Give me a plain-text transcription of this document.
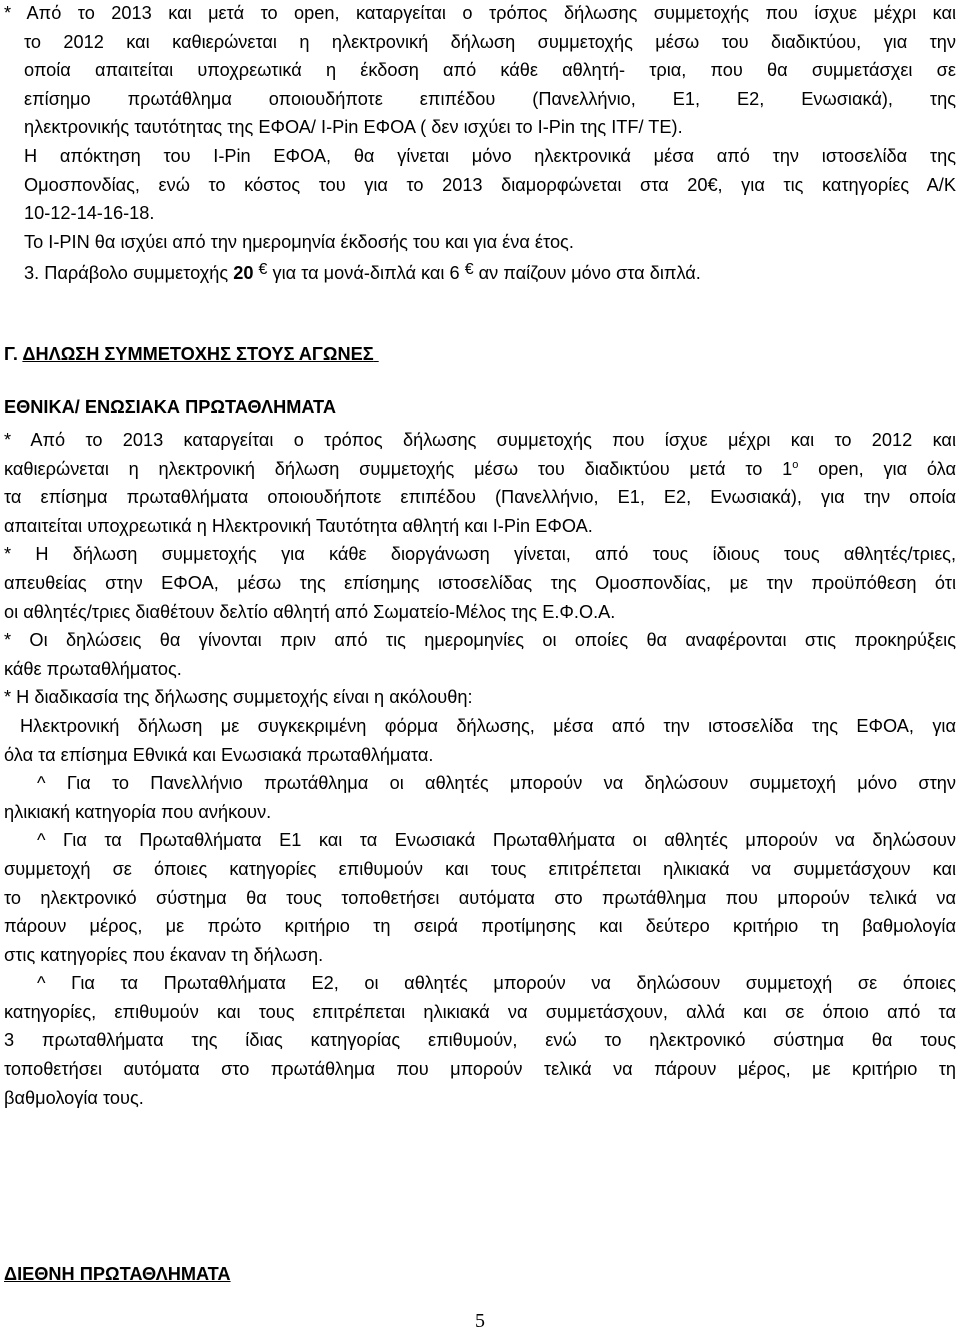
* Από το 2013 και μετά το open, καταργείται ο τρόπος δήλωσης συμμετοχής που ίσχυε μέχρι και
το 2012 και καθιερώνεται η ηλεκτρονική δήλωση συμμετοχής μέσω του διαδικτύου, για την
οποία απαιτείται υποχρεωτικά η έκδοση από κάθε αθλητή- τρια, που θα συμμετάσχει σε
επίσημο πρωτάθλημα οποιουδήποτε επιπέδου (Πανελλήνιο, Ε1, Ε2, Ενωσιακά), της
ηλεκτρονικής ταυτότητας της ΕΦΟΑ/ I-Pin ΕΦΟΑ ( δεν ισχύει το I-Pin της ITF/ TE).
Η απόκτηση του I-Pin ΕΦΟΑ, θα γίνεται μόνο ηλεκτρονικά μέσα από την ιστοσελίδα της
Ομοσπονδίας, ενώ το κόστος του για το 2013 διαμορφώνεται στα 20€, για τις κατηγορίες Α/Κ
10-12-14-16-18.
Το I-PIN θα ισχύει από την ημερομηνία έκδοσής του και για ένα έτος.
3. Παράβολο συμμετοχής 20 € για τα μονά-διπλά και 6 € αν παίζουν μόνο στα διπλά.
Γ. ΔΗΛΩΣΗ ΣΥΜΜΕΤΟΧΗΣ ΣΤΟΥΣ ΑΓΩΝΕΣ
ΕΘΝΙΚΑ/ ΕΝΩΣΙΑΚΑ ΠΡΩΤΑΘΛΗΜΑΤΑ
* Από το 2013 καταργείται ο τρόπος δήλωσης συμμετοχής που ίσχυε μέχρι και το 2012 και
καθιερώνεται η ηλεκτρονική δήλωση συμμετοχής μέσω του διαδικτύου μετά το $1^o$ open, για όλα
τα επίσημα πρωταθλήματα οποιουδήποτε επιπέδου (Πανελλήνιο, Ε1, Ε2, Ενωσιακά), για την οποία
απαιτείται υποχρεωτικά η Ηλεκτρονική Ταυτότητα αθλητή και I-Pin ΕΦΟΑ.
* Η δήλωση συμμετοχής για κάθε διοργάνωση γίνεται, από τους ίδιους τους αθλητές/τριες,
απευθείας στην ΕΦΟΑ, μέσω της επίσημης ιστοσελίδας της Ομοσπονδίας, με την προϋπόθεση ότι
οι αθλητές/τριες διαθέτουν δελτίο αθλητή από Σωματείο-Μέλος της Ε.Φ.Ο.Α.
* Οι δηλώσεις θα γίνονται πριν από τις ημερομηνίες οι οποίες θα αναφέρονται στις προκηρύξεις
κάθε πρωταθλήματος.
* Η διαδικασία της δήλωσης συμμετοχής είναι η ακόλουθη:
Ηλεκτρονική δήλωση με συγκεκριμένη φόρμα δήλωσης, μέσα από την ιστοσελίδα της ΕΦΟΑ, για
όλα τα επίσημα Εθνικά και Ενωσιακά πρωταθλήματα.
^ Για το Πανελλήνιο πρωτάθλημα οι αθλητές μπορούν να δηλώσουν συμμετοχή μόνο στην
ηλικιακή κατηγορία που ανήκουν.
^ Για τα Πρωταθλήματα Ε1 και τα Ενωσιακά Πρωταθλήματα οι αθλητές μπορούν να δηλώσουν
συμμετοχή σε όποιες κατηγορίες επιθυμούν και τους επιτρέπεται ηλικιακά να συμμετάσχουν και
το ηλεκτρονικό σύστημα θα τους τοποθετήσει αυτόματα στο πρωτάθλημα που μπορούν τελικά να
πάρουν μέρος, με πρώτο κριτήριο τη σειρά προτίμησης και δεύτερο κριτήριο τη βαθμολογία
στις κατηγορίες που έκαναν τη δήλωση.
^ Για τα Πρωταθλήματα Ε2, οι αθλητές μπορούν να δηλώσουν συμμετοχή σε όποιες
κατηγορίες, επιθυμούν και τους επιτρέπεται ηλικιακά να συμμετάσχουν, αλλά και σε όποιο από τα
3 πρωταθλήματα της ίδιας κατηγορίας επιθυμούν, ενώ το ηλεκτρονικό σύστημα θα τους
τοποθετήσει αυτόματα στο πρωτάθλημα που μπορούν τελικά να πάρουν μέρος, με κριτήριο τη
βαθμολογία τους.
ΔΙΕΘΝΗ ΠΡΩΤΑΘΛΗΜΑΤΑ
5
